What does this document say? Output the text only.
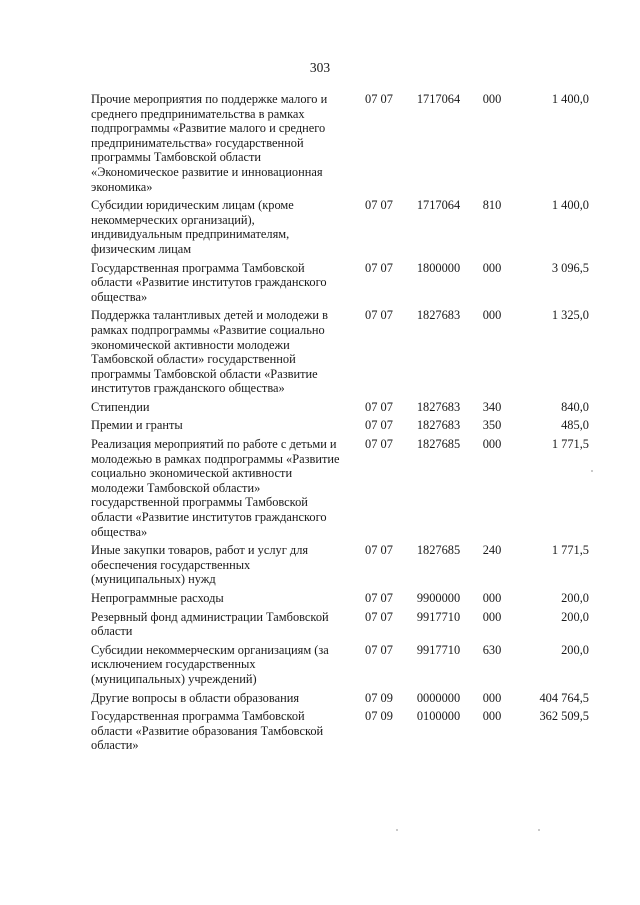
303
Прочие мероприятия по поддержке малого и среднего предпринимательства в рамках подпрограммы «Развитие малого и среднего предпринимательства» государственной программы Тамбовской области «Экономическое развитие и инновационная экономика»	07 07	1717064	000	1 400,0
Субсидии юридическим лицам (кроме некоммерческих организаций), индивидуальным предпринимателям, физическим лицам	07 07	1717064	810	1 400,0
Государственная программа Тамбовской области «Развитие институтов гражданского общества»	07 07	1800000	000	3 096,5
Поддержка талантливых детей и молодежи в рамках подпрограммы «Развитие социально экономической активности молодежи Тамбовской области» государственной программы Тамбовской области «Развитие институтов гражданского общества»	07 07	1827683	000	1 325,0
Стипендии	07 07	1827683	340	840,0
Премии и гранты	07 07	1827683	350	485,0
Реализация мероприятий по работе с детьми и молодежью в рамках подпрограммы «Развитие социально экономической активности молодежи Тамбовской области» государственной программы Тамбовской области «Развитие институтов гражданского общества»	07 07	1827685	000	1 771,5
Иные закупки товаров, работ и услуг для обеспечения государственных (муниципальных) нужд	07 07	1827685	240	1 771,5
Непрограммные расходы	07 07	9900000	000	200,0
Резервный фонд администрации Тамбовской области	07 07	9917710	000	200,0
Субсидии некоммерческим организациям (за исключением государственных (муниципальных) учреждений)	07 07	9917710	630	200,0
Другие вопросы в области образования	07 09	0000000	000	404 764,5
Государственная программа Тамбовской области «Развитие образования Тамбовской области»	07 09	0100000	000	362 509,5
